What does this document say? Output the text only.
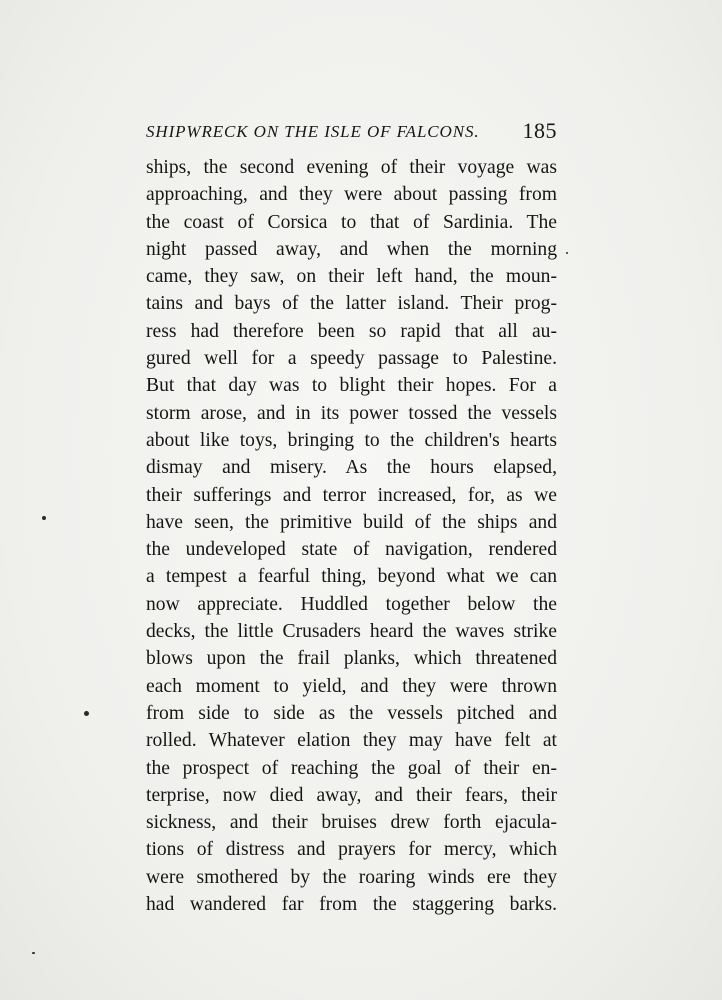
SHIPWRECK ON THE ISLE OF FALCONS. 185
ships, the second evening of their voyage was
approaching, and they were about passing from
the coast of Corsica to that of Sardinia. The
night passed away, and when the morning
came, they saw, on their left hand, the moun-
tains and bays of the latter island. Their prog-
ress had therefore been so rapid that all au-
gured well for a speedy passage to Palestine.
But that day was to blight their hopes. For a
storm arose, and in its power tossed the vessels
about like toys, bringing to the children's hearts
dismay and misery. As the hours elapsed,
their sufferings and terror increased, for, as we
have seen, the primitive build of the ships and
the undeveloped state of navigation, rendered
a tempest a fearful thing, beyond what we can
now appreciate. Huddled together below the
decks, the little Crusaders heard the waves strike
blows upon the frail planks, which threatened
each moment to yield, and they were thrown
from side to side as the vessels pitched and
rolled. Whatever elation they may have felt at
the prospect of reaching the goal of their en-
terprise, now died away, and their fears, their
sickness, and their bruises drew forth ejacula-
tions of distress and prayers for mercy, which
were smothered by the roaring winds ere they
had wandered far from the staggering barks.
